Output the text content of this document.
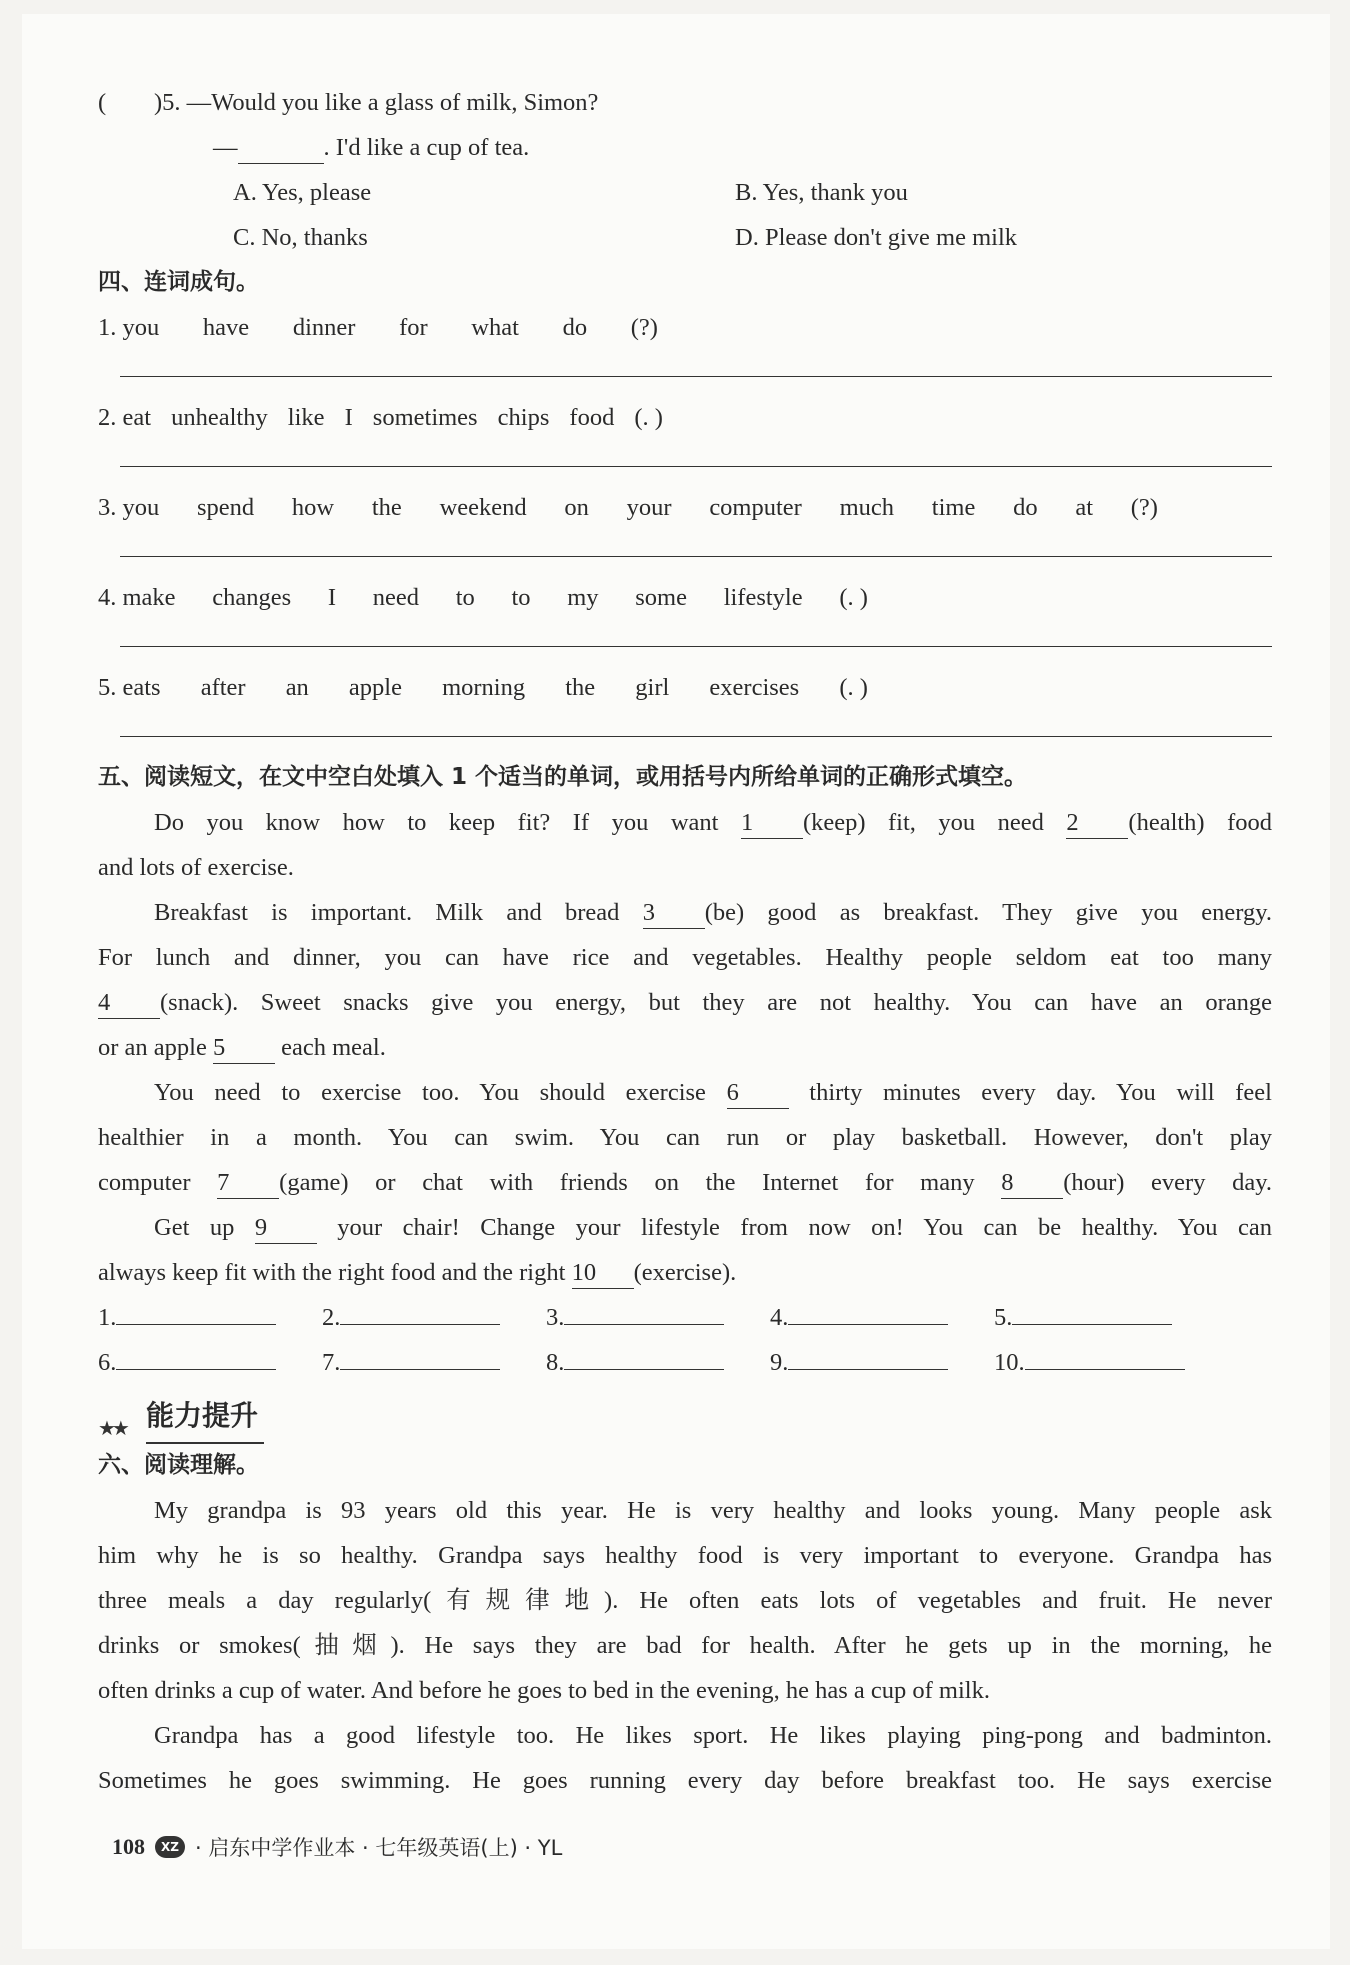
( )5. —Would you like a glass of milk, Simon?
—	. I'd like a cup of tea.
A. Yes, please	B. Yes, thank you
C. No, thanks	D. Please don't give me milk
四、连词成句。
1. you have dinner for what do (?)
2. eat unhealthy like I sometimes chips food (. )
3. you spend how the weekend on your computer much time do at (?)
4. make changes I need to to my some lifestyle (. )
5. eats after an apple morning the girl exercises (. )
五、阅读短文，在文中空白处填入 1 个适当的单词，或用括号内所给单词的正确形式填空。

Do you know how to keep fit? If you want 1 (keep) fit, you need 2 (health) food

and lots of exercise.

Breakfast is important. Milk and bread 3 (be) good as breakfast. They give you energy.

For lunch and dinner, you can have rice and vegetables. Healthy people seldom eat too many

4 (snack). Sweet snacks give you energy, but they are not healthy. You can have an orange

or an apple 5 each meal.

You need to exercise too. You should exercise 6 thirty minutes every day. You will feel

healthier in a month. You can swim. You can run or play basketball. However, don't play

computer 7 (game) or chat with friends on the Internet for many 8 (hour) every day.

Get up 9 your chair! Change your lifestyle from now on! You can be healthy. You can

always keep fit with the right food and the right 10 (exercise).

1.	2.	3.	4.	5.
6.	7.	8.	9.	10.
★★ 能力提升
六、阅读理解。

My grandpa is 93 years old this year. He is very healthy and looks young. Many people ask

him why he is so healthy. Grandpa says healthy food is very important to everyone. Grandpa has

three meals a day regularly(有规律地). He often eats lots of vegetables and fruit. He never

drinks or smokes(抽烟). He says they are bad for health. After he gets up in the morning, he

often drinks a cup of water. And before he goes to bed in the evening, he has a cup of milk.

Grandpa has a good lifestyle too. He likes sport. He likes playing ping-pong and badminton.

Sometimes he goes swimming. He goes running every day before breakfast too. He says exercise

108	XZ · 启东中学作业本 · 七年级英语(上) · YL
